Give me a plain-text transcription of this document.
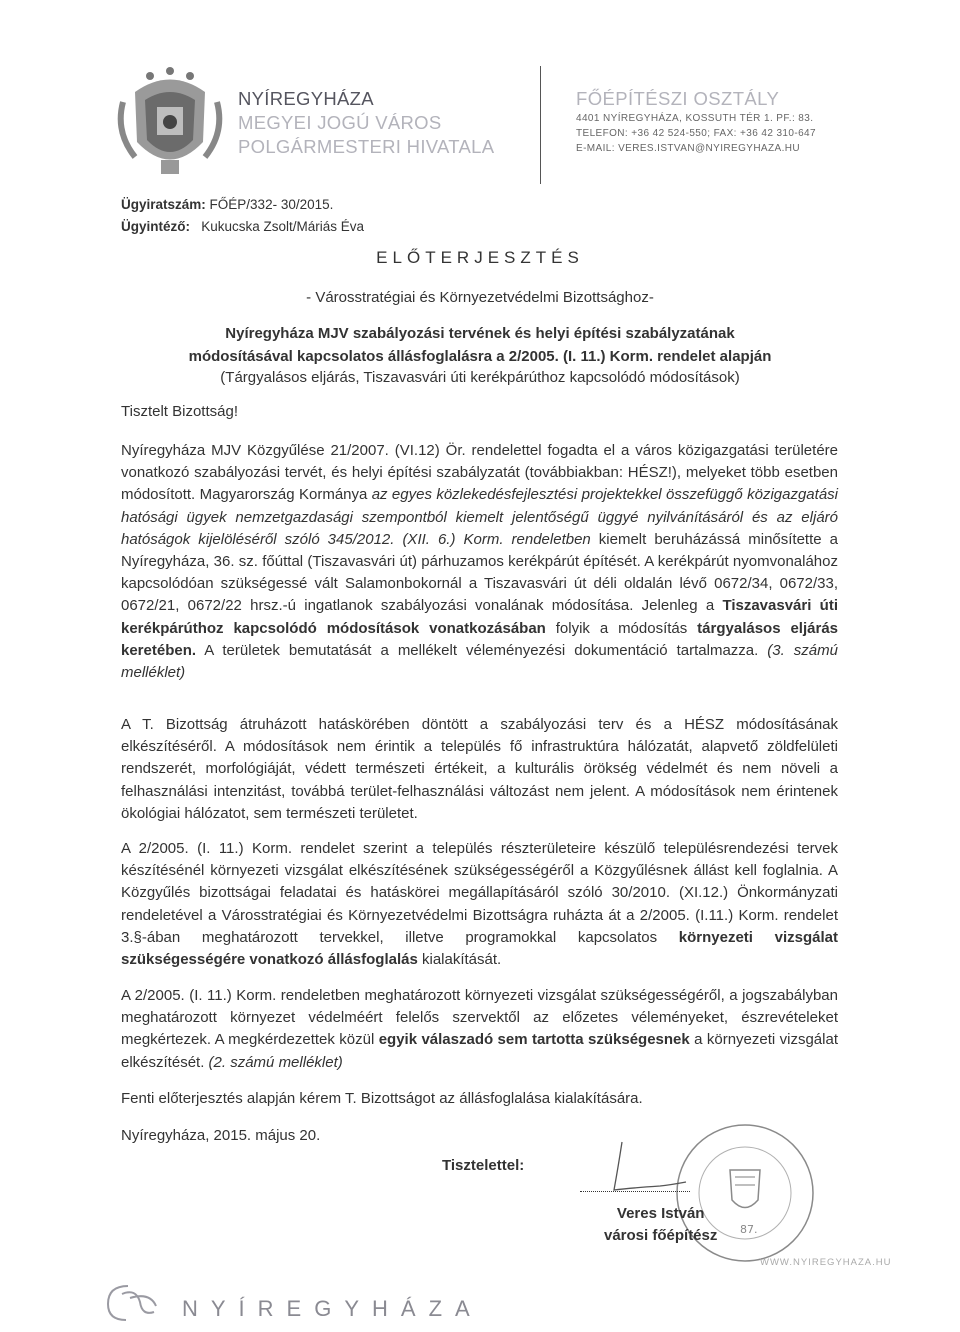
NYÍREGYHÁZA
MEGYEI JOGÚ VÁROS
POLGÁRMESTERI HIVATALA
FŐÉPÍTÉSZI OSZTÁLY
4401 NYÍREGYHÁZA, KOSSUTH TÉR 1. PF.: 83.
TELEFON: +36 42 524-550; FAX: +36 42 310-647
E-MAIL: VERES.ISTVAN@NYIREGYHAZA.HU
Ügyiratszám: FŐÉP/332- 30/2015.
Ügyintéző: Kukucska Zsolt/Máriás Éva
ELŐTERJESZTÉS
- Városstratégiai és Környezetvédelmi Bizottsághoz-
Nyíregyháza MJV szabályozási tervének és helyi építési szabályzatának
módosításával kapcsolatos állásfoglalásra a 2/2005. (I. 11.) Korm. rendelet alapján
(Tárgyalásos eljárás, Tiszavasvári úti kerékpárúthoz kapcsolódó módosítások)
Tisztelt Bizottság!
Nyíregyháza MJV Közgyűlése 21/2007. (VI.12) Ör. rendelettel fogadta el a város közigazgatási területére vonatkozó szabályozási tervét, és helyi építési szabályzatát (továbbiakban: HÉSZ!), melyeket több esetben módosított. Magyarország Kormánya az egyes közlekedésfejlesztési projektekkel összefüggő közigazgatási hatósági ügyek nemzetgazdasági szempontból kiemelt jelentőségű üggyé nyilvánításáról és az eljáró hatóságok kijelöléséről szóló 345/2012. (XII. 6.) Korm. rendeletben kiemelt beruházássá minősítette a Nyíregyháza, 36. sz. főúttal (Tiszavasvári út) párhuzamos kerékpárút építését. A kerékpárút nyomvonalához kapcsolódóan szükségessé vált Salamonbokornál a Tiszavasvári út déli oldalán lévő 0672/34, 0672/33, 0672/21, 0672/22 hrsz.-ú ingatlanok szabályozási vonalának módosítása. Jelenleg a Tiszavasvári úti kerékpárúthoz kapcsolódó módosítások vonatkozásában folyik a módosítás tárgyalásos eljárás keretében. A területek bemutatását a mellékelt véleményezési dokumentáció tartalmazza. (3. számú melléklet)
A T. Bizottság átruházott hatáskörében döntött a szabályozási terv és a HÉSZ módosításának elkészítéséről. A módosítások nem érintik a település fő infrastruktúra hálózatát, alapvető zöldfelületi rendszerét, morfológiáját, védett természeti értékeit, a kulturális örökség védelmét és nem növeli a felhasználási intenzitást, továbbá terület-felhasználási változást nem jelent. A módosítások nem érintenek ökológiai hálózatot, sem természeti területet.
A 2/2005. (I. 11.) Korm. rendelet szerint a település részterületeire készülő településrendezési tervek készítésénél környezeti vizsgálat elkészítésének szükségességéről a Közgyűlésnek állást kell foglalnia. A Közgyűlés bizottságai feladatai és hatáskörei megállapításáról szóló 30/2010. (XI.12.) Önkormányzati rendeletével a Városstratégiai és Környezetvédelmi Bizottságra ruházta át a 2/2005. (I.11.) Korm. rendelet 3.§-ában meghatározott tervekkel, illetve programokkal kapcsolatos környezeti vizsgálat szükségességére vonatkozó állásfoglalás kialakítását.
A 2/2005. (I. 11.) Korm. rendeletben meghatározott környezeti vizsgálat szükségességéről, a jogszabályban meghatározott környezet védelméért felelős szervektől az előzetes véleményeket, észrevételeket megkértezek. A megkérdezettek közül egyik válaszadó sem tartotta szükségesnek a környezeti vizsgálat elkészítését. (2. számú melléklet)
Fenti előterjesztés alapján kérem T. Bizottságot az állásfoglalása kialakítására.
Nyíregyháza, 2015. május 20.
Tisztelettel:
87.
Veres István
városi főépítész
WWW.NYIREGYHAZA.HU
NYÍREGYHÁZA
